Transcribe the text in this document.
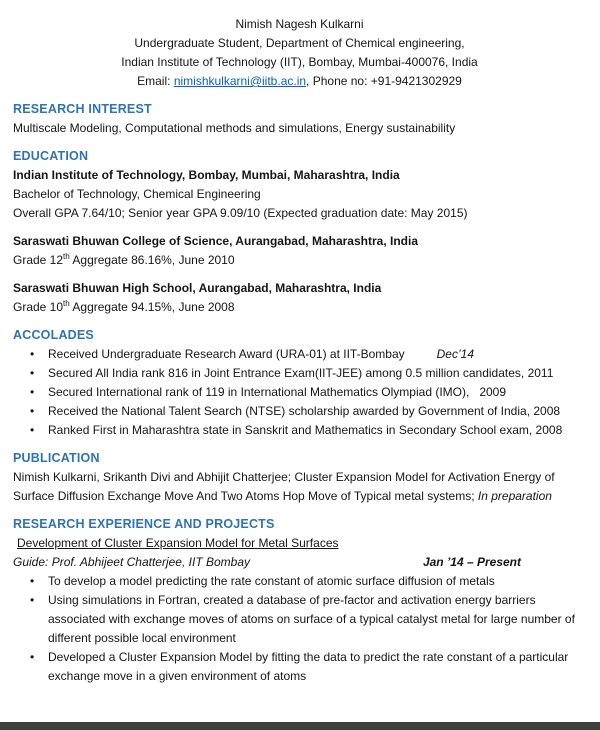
Nimish Nagesh Kulkarni
Undergraduate Student, Department of Chemical engineering,
Indian Institute of Technology (IIT), Bombay, Mumbai-400076, India
Email: nimishkulkarni@iitb.ac.in, Phone no: +91-9421302929
RESEARCH INTEREST

Multiscale Modeling, Computational methods and simulations, Energy sustainability

EDUCATION
Indian Institute of Technology, Bombay, Mumbai, Maharashtra, India
Bachelor of Technology, Chemical Engineering
Overall GPA 7.64/10; Senior year GPA 9.09/10 (Expected graduation date: May 2015)
Saraswati Bhuwan College of Science, Aurangabad, Maharashtra, India
Grade 12th Aggregate 86.16%, June 2010
Saraswati Bhuwan High School, Aurangabad, Maharashtra, India
Grade 10th Aggregate 94.15%, June 2008
ACCOLADES
• Received Undergraduate Research Award (URA-01) at IIT-Bombay	Dec’14
• Secured All India rank 816 in Joint Entrance Exam(IIT-JEE) among 0.5 million candidates, 2011
• Secured International rank of 119 in International Mathematics Olympiad (IMO),   2009
• Received the National Talent Search (NTSE) scholarship awarded by Government of India, 2008
• Ranked First in Maharashtra state in Sanskrit and Mathematics in Secondary School exam, 2008
PUBLICATION

Nimish Kulkarni, Srikanth Divi and Abhijit Chatterjee; Cluster Expansion Model for Activation Energy of Surface Diffusion Exchange Move And Two Atoms Hop Move of Typical metal systems; In preparation

RESEARCH EXPERIENCE AND PROJECTS
Development of Cluster Expansion Model for Metal Surfaces
Guide: Prof. Abhijeet Chatterjee, IIT Bombay	Jan ’14 – Present
• To develop a model predicting the rate constant of atomic surface diffusion of metals
• Using simulations in Fortran, created a database of pre-factor and activation energy barriers associated with exchange moves of atoms on surface of a typical catalyst metal for large number of different possible local environment
• Developed a Cluster Expansion Model by fitting the data to predict the rate constant of a particular exchange move in a given environment of atoms
